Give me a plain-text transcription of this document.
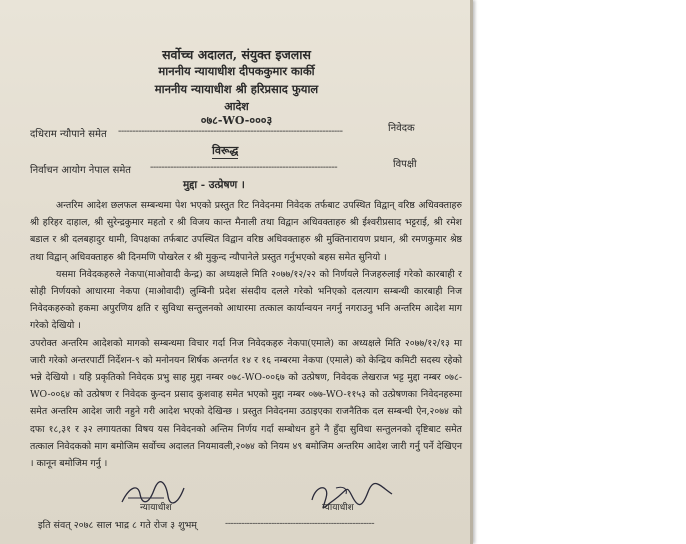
सर्वोच्च अदालत, संयुक्त इजलास
माननीय न्यायाधीश दीपककुमार कार्की
माननीय न्यायाधीश श्री हरिप्रसाद फुयाल
आदेश
०७८-WO-०००३
दधिराम न्यौपाने समेत ------------------------------------------------------------------------------	निवेदक
विरूद्ध
निर्वाचन आयोग नेपाल समेत -----------------------------------------------------------------	विपक्षी
मुद्दा - उत्प्रेषण ।

अन्तरिम आदेश छलफल सम्बन्धमा पेश भएको प्रस्तुत रिट निवेदनमा निवेदक तर्फबाट उपस्थित विद्वान् वरिष्ठ अधिवक्ताहरु श्री हरिहर दाहाल, श्री सुरेन्द्रकुमार महतो र श्री विजय कान्त मैनाली तथा विद्वान अधिवक्ताहरु श्री ईश्वरीप्रसाद भट्टराई, श्री रमेश बडाल र श्री दलबहादुर धामी, विपक्षका तर्फबाट उपस्थित विद्वान वरिष्ठ अधिवक्ताहरु श्री मुक्तिनारायण प्रधान, श्री रमणकुमार श्रेष्ठ तथा विद्वान् अधिवक्ताहरु श्री दिनमणि पोखरेल र श्री मुकुन्द न्यौपानेले प्रस्तुत गर्नुभएको बहस समेत सुनियो ।

यसमा निवेदकहरुले नेकपा(माओवादी केन्द्र) का अध्यक्षले मिति २०७७/१२/२२ को निर्णयले निजहरुलाई गरेको कारबाही र सोही निर्णयको आधारमा नेकपा (माओवादी) लुम्बिनी प्रदेश संसदीय दलले गरेको भनिएको दलत्याग सम्बन्धी कारबाही निज निवेदकहरुको हकमा अपुरणिय क्षति र सुविधा सन्तुलनको आधारमा तत्काल कार्यान्वयन नगर्नु नगराउनु भनि अन्तरिम आदेश माग गरेको देखियो ।

उपरोक्त अन्तरिम आदेशको मागको सम्बन्धमा विचार गर्दा निज निवेदकहरु नेकपा(एमाले) का अध्यक्षले मिति २०७७/१२/१३ मा जारी गरेको अन्तरपार्टी निर्देशन-९ को मनोनयन शिर्षक अन्तर्गत १४ र १६ नम्बरमा नेकपा (एमाले) को केन्द्रिय कमिटी सदस्य रहेको भन्ने देखियो । यहि प्रकृतिको निवेदक प्रभु साह मुद्दा नम्बर ०७८-WO-००६७ को उत्प्रेषण, निवेदक लेखराज भट्ट मुद्दा नम्बर ०७८-WO-००६४ को उत्प्रेषण र निवेदक कुन्दन प्रसाद कुशवाह समेत भएको मुद्दा नम्बर ०७७-WO-११५३ को उत्प्रेषणका निवेदनहरुमा समेत अन्तरिम आदेश जारी नहुने गरी आदेश भएको देखिन्छ । प्रस्तुत निवेदनमा उठाइएका राजनैतिक दल सम्बन्धी ऐन,२०७४ को दफा १८,३१ र ३२ लगायतका विषय यस निवेदनको अन्तिम निर्णय गर्दा सम्बोधन हुने नै हुँदा सुविधा सन्तुलनको दृष्टिबाट समेत तत्काल निवेदकको माग बमोजिम सर्वोच्च अदालत नियमावली,२०७४ को नियम ४९ बमोजिम अन्तरिम आदेश जारी गर्नु पर्ने देखिएन । कानून बमोजिम गर्नु ।

न्यायाधीश	न्यायाधीश
इति संवत् २०७८ साल भाद्र ८ गते रोज ३ शुभम्	-------------------------------------------------------
